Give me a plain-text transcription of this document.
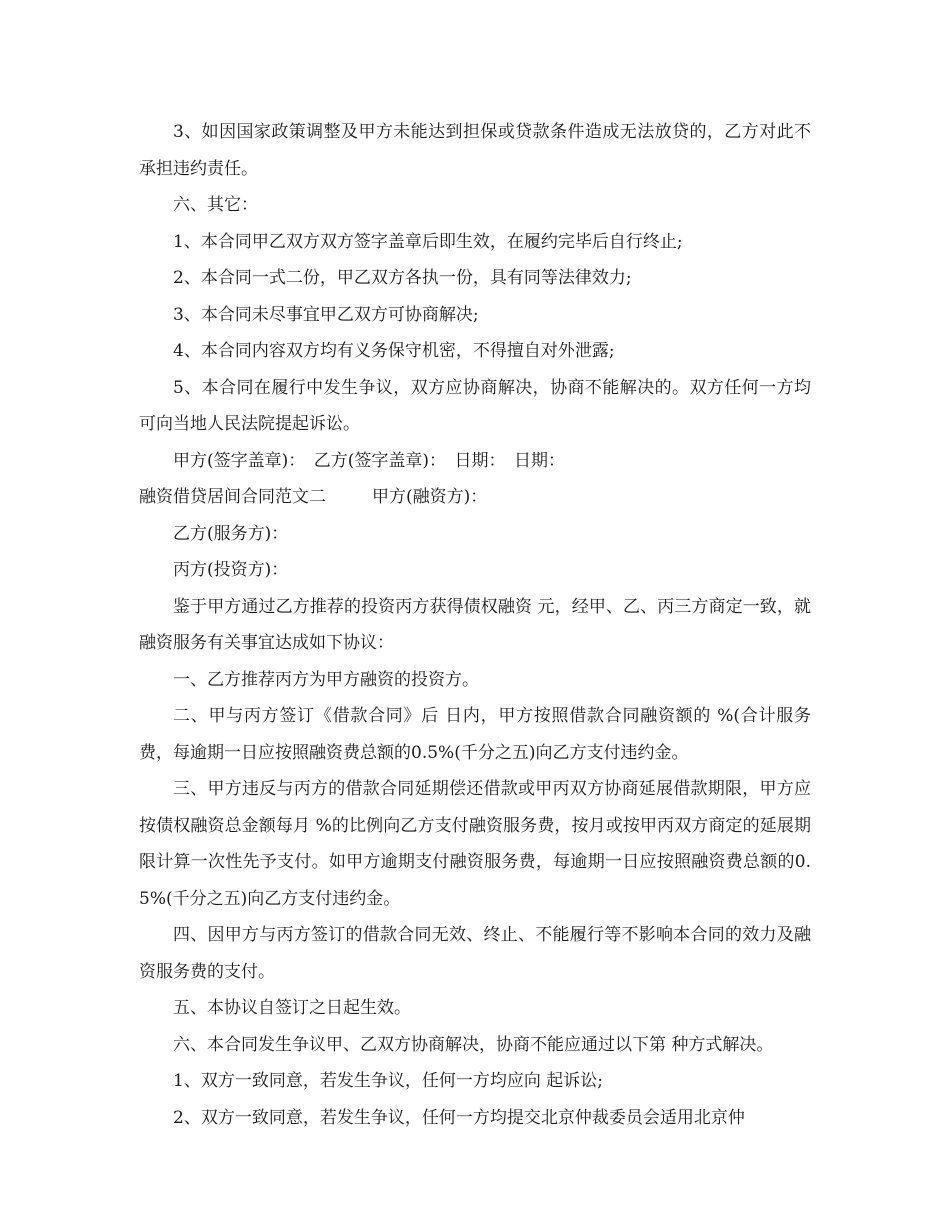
3、如因国家政策调整及甲方未能达到担保或贷款条件造成无法放贷的，乙方对此不承担违约责任。

六、其它：

1、本合同甲乙双方双方签字盖章后即生效，在履约完毕后自行终止;

2、本合同一式二份，甲乙双方各执一份，具有同等法律效力;

3、本合同未尽事宜甲乙双方可协商解决;

4、本合同内容双方均有义务保守机密，不得擅自对外泄露;

5、本合同在履行中发生争议，双方应协商解决，协商不能解决的。双方任何一方均可向当地人民法院提起诉讼。

甲方(签字盖章)：　乙方(签字盖章)：　日期：　日期：

融资借贷居间合同范文二	甲方(融资方)：

乙方(服务方)：

丙方(投资方)：

鉴于甲方通过乙方推荐的投资丙方获得债权融资 元，经甲、乙、丙三方商定一致，就融资服务有关事宜达成如下协议：

一、乙方推荐丙方为甲方融资的投资方。

二、甲与丙方签订《借款合同》后 日内，甲方按照借款合同融资额的 %(合计服务费，每逾期一日应按照融资费总额的0.5%(千分之五)向乙方支付违约金。

三、甲方违反与丙方的借款合同延期偿还借款或甲丙双方协商延展借款期限，甲方应按债权融资总金额每月 %的比例向乙方支付融资服务费，按月或按甲丙双方商定的延展期限计算一次性先予支付。如甲方逾期支付融资服务费，每逾期一日应按照融资费总额的0.5%(千分之五)向乙方支付违约金。

四、因甲方与丙方签订的借款合同无效、终止、不能履行等不影响本合同的效力及融资服务费的支付。

五、本协议自签订之日起生效。

六、本合同发生争议甲、乙双方协商解决，协商不能应通过以下第 种方式解决。

1、双方一致同意，若发生争议，任何一方均应向 起诉讼;

2、双方一致同意，若发生争议，任何一方均提交北京仲裁委员会适用北京仲
